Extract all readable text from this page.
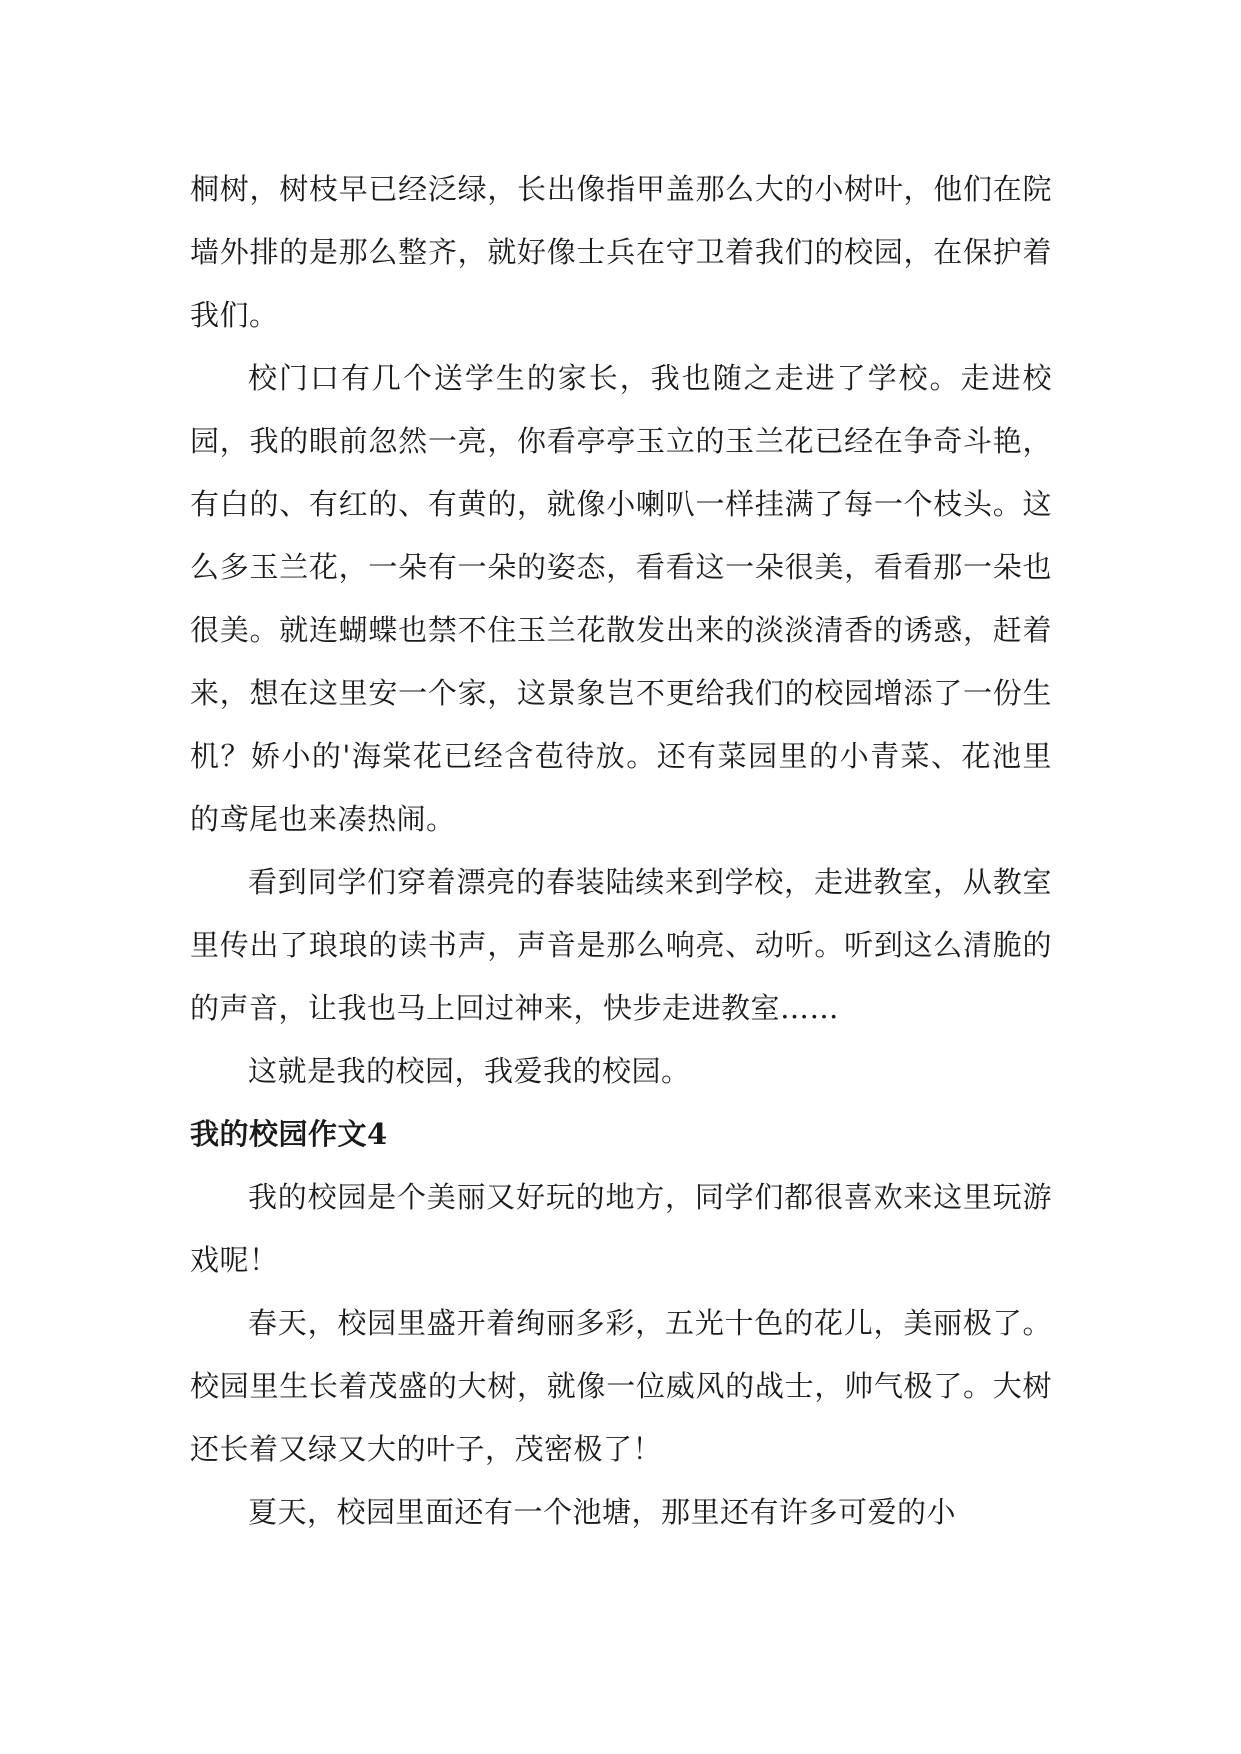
桐树，树枝早已经泛绿，长出像指甲盖那么大的小树叶，他们在院墙外排的是那么整齐，就好像士兵在守卫着我们的校园，在保护着我们。

校门口有几个送学生的家长，我也随之走进了学校。走进校园，我的眼前忽然一亮，你看亭亭玉立的玉兰花已经在争奇斗艳，有白的、有红的、有黄的，就像小喇叭一样挂满了每一个枝头。这么多玉兰花，一朵有一朵的姿态，看看这一朵很美，看看那一朵也很美。就连蝴蝶也禁不住玉兰花散发出来的淡淡清香的诱惑，赶着来，想在这里安一个家，这景象岂不更给我们的校园增添了一份生机？娇小的'海棠花已经含苞待放。还有菜园里的小青菜、花池里的鸢尾也来凑热闹。

看到同学们穿着漂亮的春装陆续来到学校，走进教室，从教室里传出了琅琅的读书声，声音是那么响亮、动听。听到这么清脆的的声音，让我也马上回过神来，快步走进教室……

这就是我的校园，我爱我的校园。

我的校园作文4

我的校园是个美丽又好玩的地方，同学们都很喜欢来这里玩游戏呢！

春天，校园里盛开着绚丽多彩，五光十色的花儿，美丽极了。校园里生长着茂盛的大树，就像一位威风的战士，帅气极了。大树还长着又绿又大的叶子，茂密极了！

夏天，校园里面还有一个池塘，那里还有许多可爱的小
